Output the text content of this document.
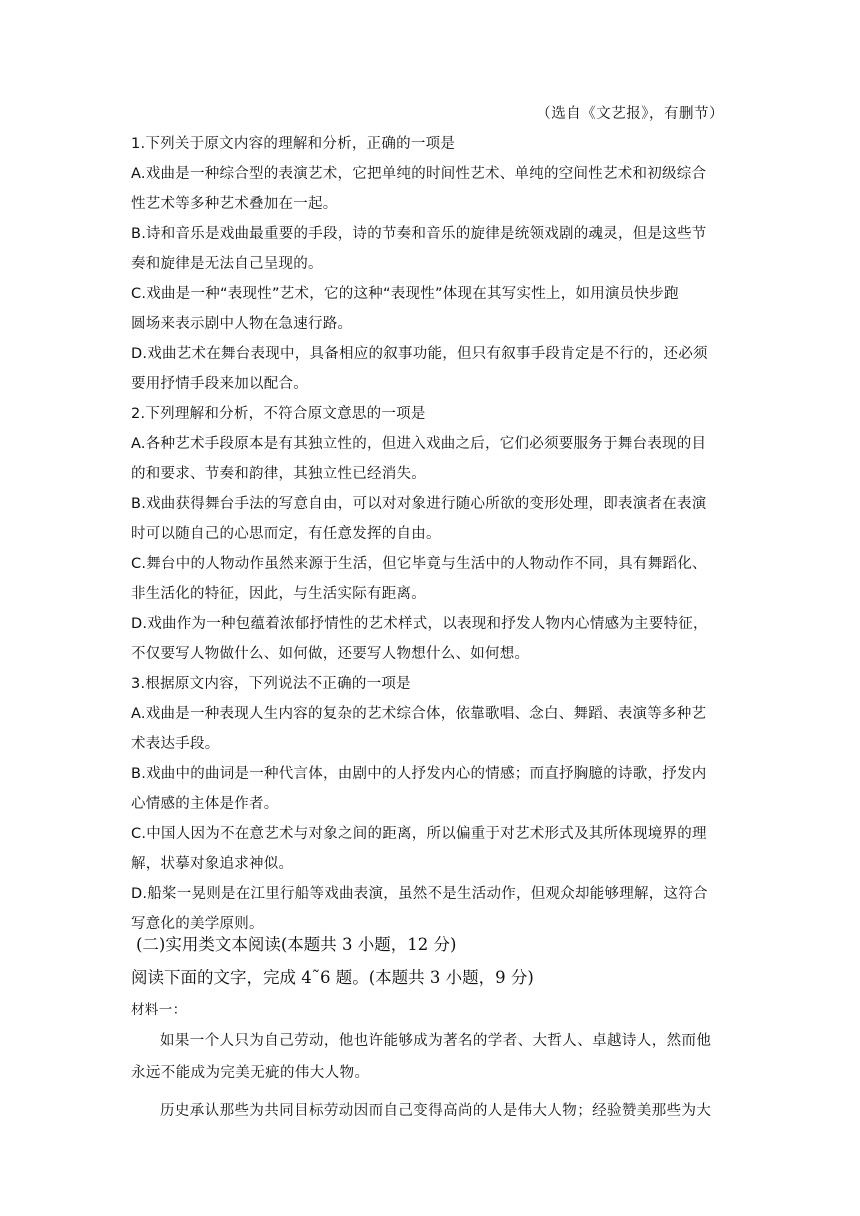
（选自《文艺报》，有删节）
1.下列关于原文内容的理解和分析，正确的一项是
A.戏曲是一种综合型的表演艺术，它把单纯的时间性艺术、单纯的空间性艺术和初级综合
性艺术等多种艺术叠加在一起。
B.诗和音乐是戏曲最重要的手段，诗的节奏和音乐的旋律是统领戏剧的魂灵，但是这些节
奏和旋律是无法自己呈现的。
C.戏曲是一种“表现性”艺术，它的这种“表现性”体现在其写实性上，如用演员快步跑
圆场来表示剧中人物在急速行路。
D.戏曲艺术在舞台表现中，具备相应的叙事功能，但只有叙事手段肯定是不行的，还必须
要用抒情手段来加以配合。
2.下列理解和分析，不符合原文意思的一项是
A.各种艺术手段原本是有其独立性的，但进入戏曲之后，它们必须要服务于舞台表现的目
的和要求、节奏和韵律，其独立性已经消失。
B.戏曲获得舞台手法的写意自由，可以对对象进行随心所欲的变形处理，即表演者在表演
时可以随自己的心思而定，有任意发挥的自由。
C.舞台中的人物动作虽然来源于生活，但它毕竟与生活中的人物动作不同，具有舞蹈化、
非生活化的特征，因此，与生活实际有距离。
D.戏曲作为一种包蕴着浓郁抒情性的艺术样式，以表现和抒发人物内心情感为主要特征，
不仅要写人物做什么、如何做，还要写人物想什么、如何想。
3.根据原文内容，下列说法不正确的一项是
A.戏曲是一种表现人生内容的复杂的艺术综合体，依靠歌唱、念白、舞蹈、表演等多种艺
术表达手段。
B.戏曲中的曲词是一种代言体，由剧中的人抒发内心的情感；而直抒胸臆的诗歌，抒发内
心情感的主体是作者。
C.中国人因为不在意艺术与对象之间的距离，所以偏重于对艺术形式及其所体现境界的理
解，状摹对象追求神似。
D.船桨一晃则是在江里行船等戏曲表演，虽然不是生活动作，但观众却能够理解，这符合
写意化的美学原则。
(二)实用类文本阅读(本题共 3 小题，12 分)
阅读下面的文字，完成 4˜6 题。(本题共 3 小题，9 分)
材料一：
如果一个人只为自己劳动，他也许能够成为著名的学者、大哲人、卓越诗人，然而他
永远不能成为完美无疵的伟大人物。
历史承认那些为共同目标劳动因而自己变得高尚的人是伟大人物；经验赞美那些为大
